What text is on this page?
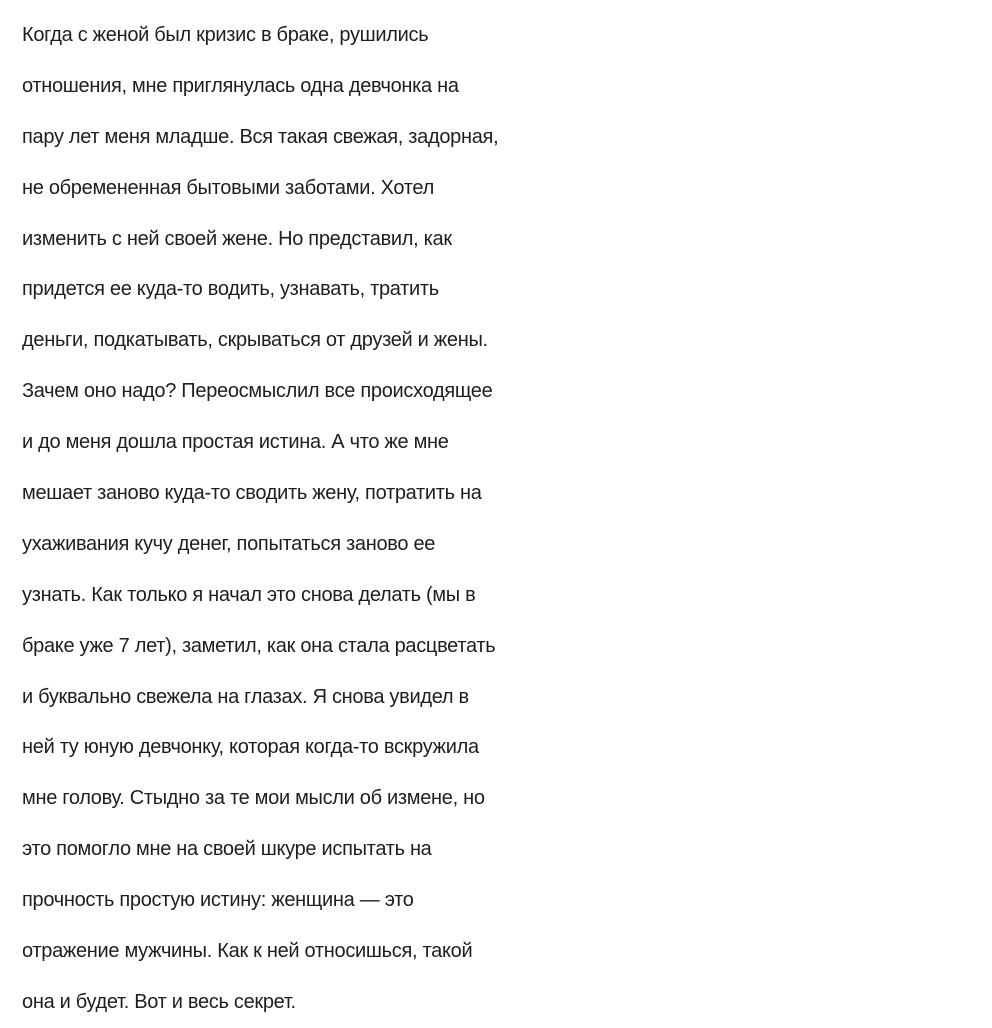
Когда с женой был кризис в браке, рушились
отношения, мне приглянулась одна девчонка на
пару лет меня младше. Вся такая свежая, задорная,
не обремененная бытовыми заботами. Хотел
изменить с ней своей жене. Но представил, как
придется ее куда-то водить, узнавать, тратить
деньги, подкатывать, скрываться от друзей и жены.
Зачем оно надо? Переосмыслил все происходящее
и до меня дошла простая истина. А что же мне
мешает заново куда-то сводить жену, потратить на
ухаживания кучу денег, попытаться заново ее
узнать. Как только я начал это снова делать (мы в
браке уже 7 лет), заметил, как она стала расцветать
и буквально свежела на глазах. Я снова увидел в
ней ту юную девчонку, которая когда-то вскружила
мне голову. Стыдно за те мои мысли об измене, но
это помогло мне на своей шкуре испытать на
прочность простую истину: женщина — это
отражение мужчины. Как к ней относишься, такой
она и будет. Вот и весь секрет.
